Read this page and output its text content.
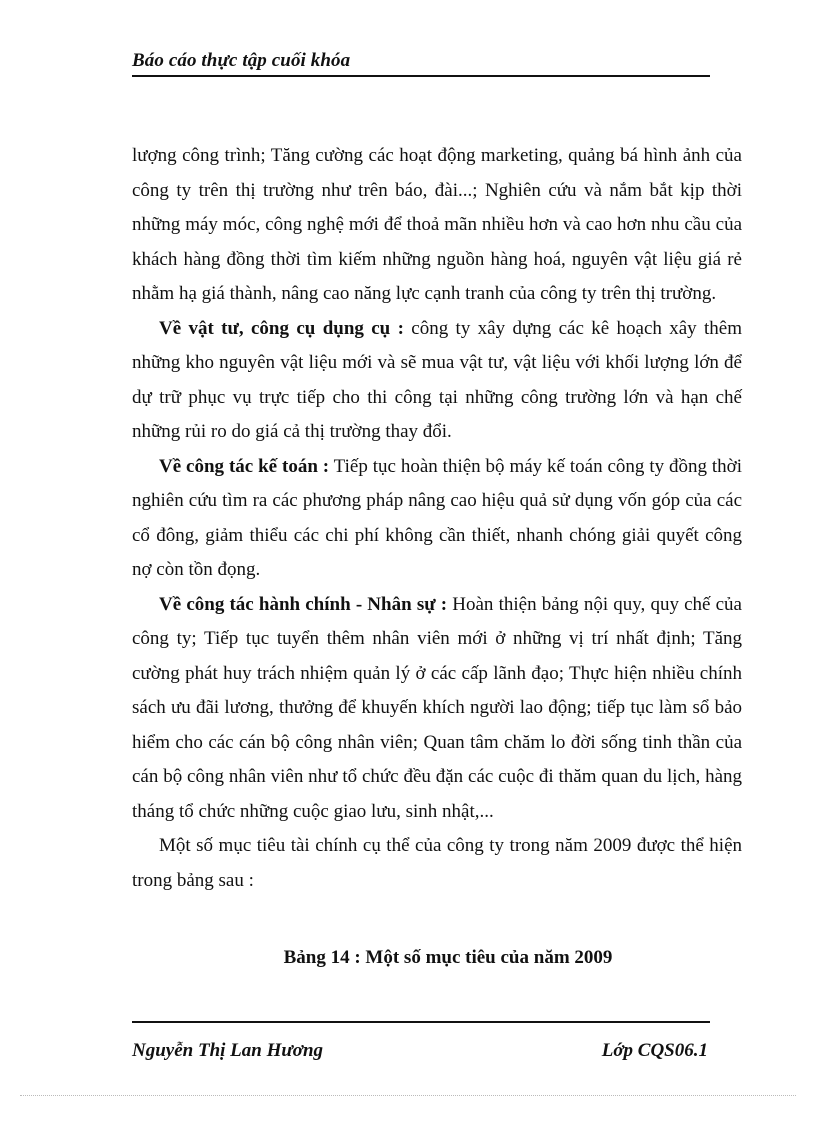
Báo cáo thực tập cuối khóa

lượng công trình; Tăng cường các hoạt động marketing, quảng bá hình ảnh của công ty trên thị trường như trên báo, đài...; Nghiên cứu và nắm bắt kịp thời những máy móc, công nghệ mới để thoả mãn nhiều hơn và cao hơn nhu cầu của khách hàng đồng thời tìm kiếm những nguồn hàng hoá, nguyên vật liệu giá rẻ nhằm hạ giá thành, nâng cao năng lực cạnh tranh của công ty trên thị trường.

Về vật tư, công cụ dụng cụ : công ty xây dựng các kê hoạch xây thêm những kho nguyên vật liệu mới và sẽ mua vật tư, vật liệu với khối lượng lớn để dự trữ phục vụ trực tiếp cho thi công tại những công trường lớn và hạn chế những rủi ro do giá cả thị trường thay đổi.

Về công tác kế toán : Tiếp tục hoàn thiện bộ máy kế toán công ty đồng thời nghiên cứu tìm ra các phương pháp nâng cao hiệu quả sử dụng vốn góp của các cổ đông, giảm thiểu các chi phí không cần thiết, nhanh chóng giải quyết công nợ còn tồn đọng.

Về công tác hành chính - Nhân sự : Hoàn thiện bảng nội quy, quy chế của công ty; Tiếp tục tuyển thêm nhân viên mới ở những vị trí nhất định; Tăng cường phát huy trách nhiệm quản lý ở các cấp lãnh đạo; Thực hiện nhiều chính sách ưu đãi lương, thưởng để khuyến khích người lao động; tiếp tục làm sổ bảo hiểm cho các cán bộ công nhân viên; Quan tâm chăm lo đời sống tinh thần của cán bộ công nhân viên như tổ chức đều đặn các cuộc đi thăm quan du lịch, hàng tháng tổ chức những cuộc giao lưu, sinh nhật,...

Một số mục tiêu tài chính cụ thể của công ty trong năm 2009 được thể hiện trong bảng sau :

Bảng 14 : Một số mục tiêu của năm 2009
Nguyễn Thị Lan Hương	Lớp CQS06.1
